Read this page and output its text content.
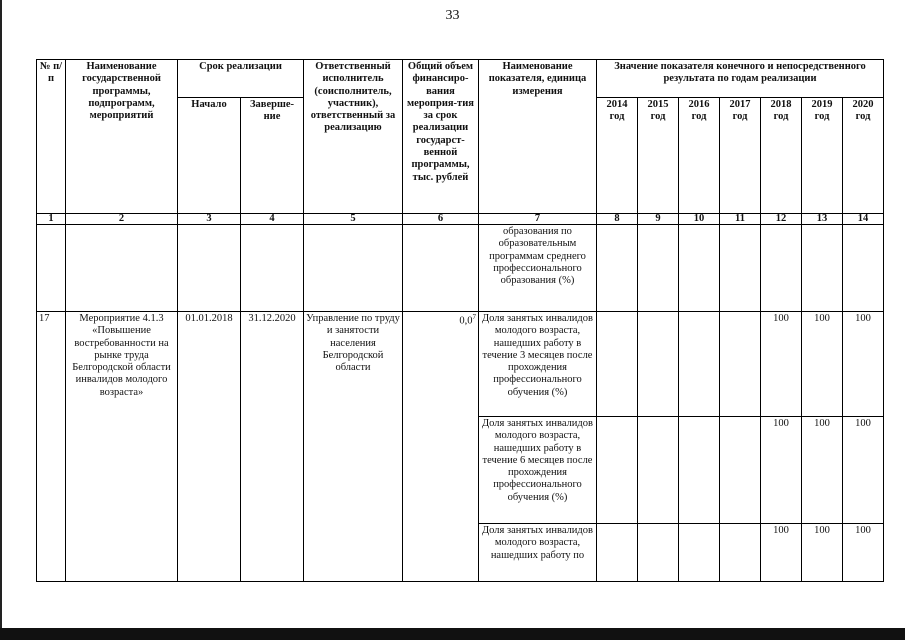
33
№ п/п	Наименование государственной программы, подпрограмм, мероприятий	Срок реализации		Ответственный исполнитель (соисполнитель, участник), ответственный за реализацию	Общий объем финансиро-вания мероприя-тия за срок реализации государст-венной программы, тыс. рублей	Наименование показателя, единица измерения	Значение показателя конечного и непосредственного результата по годам реализации						
		Начало	Заверше-ние				2014 год	2015 год	2016 год	2017 год	2018 год	2019 год	2020 год
1	2	3	4	5	6	7	8	9	10	11	12	13	14
						образования по образовательным программам среднего профессионального образования (%)							
17	Мероприятие 4.1.3 «Повышение востребованности на рынке труда Белгородской области инвалидов молодого возраста»	01.01.2018	31.12.2020	Управление по труду и занятости населения Белгородской области	$0,0^7$	Доля занятых инвалидов молодого возраста, нашедших работу в течение 3 месяцев после прохождения профессионального обучения (%)					100	100	100
						Доля занятых инвалидов молодого возраста, нашедших работу в течение 6 месяцев после прохождения профессионального обучения (%)					100	100	100
						Доля занятых инвалидов молодого возраста, нашедших работу по					100	100	100
